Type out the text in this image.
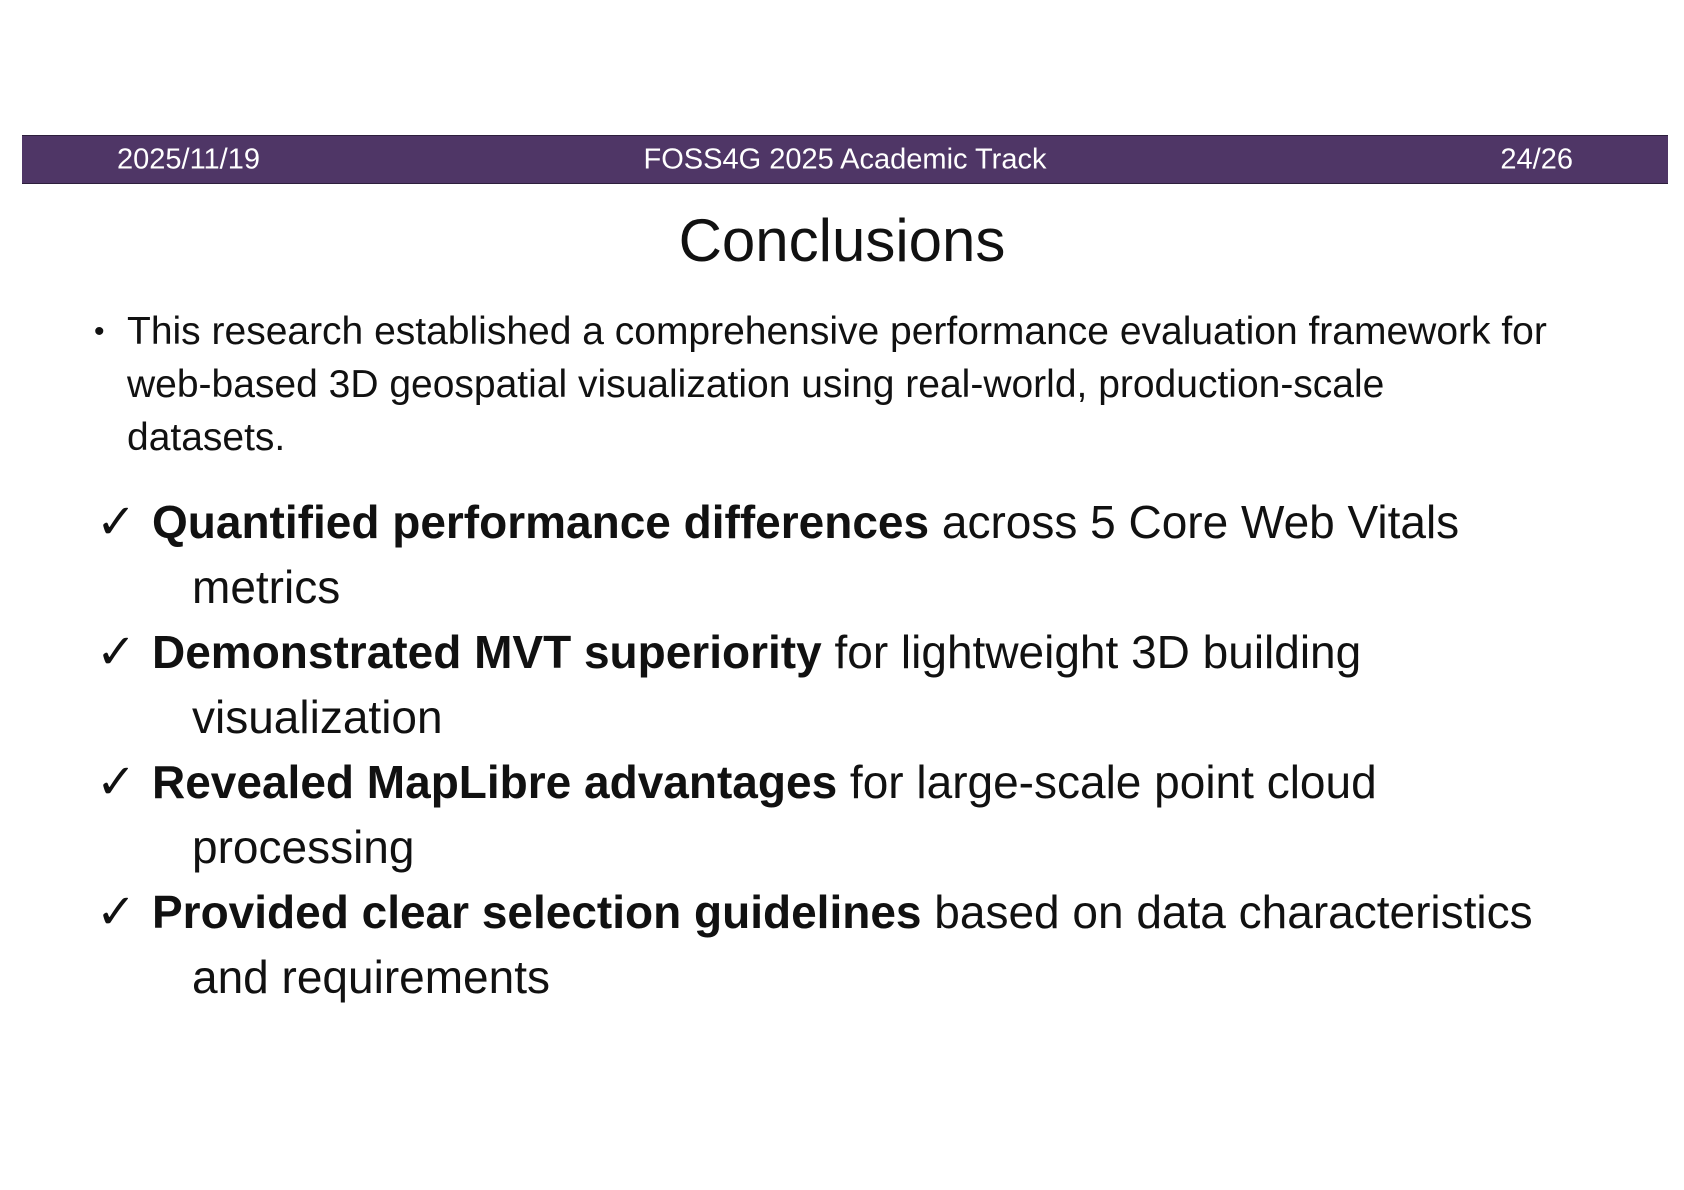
2025/11/19	FOSS4G 2025 Academic Track	24/26
Conclusions
• This research established a comprehensive performance evaluation framework for web-based 3D geospatial visualization using real-world, production-scale datasets.
✓ Quantified performance differences across 5 Core Web Vitals
metrics
✓ Demonstrated MVT superiority for lightweight 3D building
visualization
✓ Revealed MapLibre advantages for large-scale point cloud
processing
✓ Provided clear selection guidelines based on data characteristics
and requirements
